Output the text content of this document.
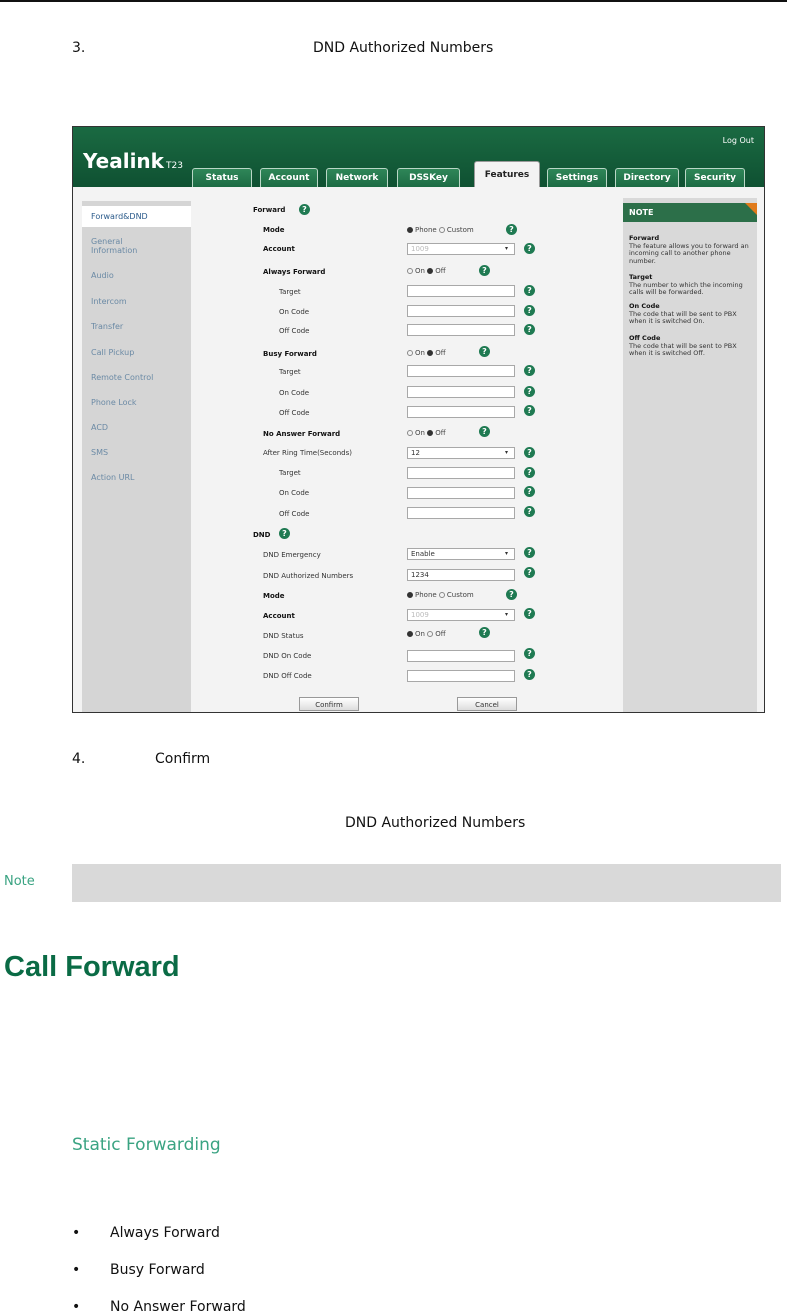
3.	DND Authorized Numbers
Yealink T23
Log Out
Status	Account	Network	DSSKey	Features	Settings	Directory	Security
Forward&DND
General Information
Audio
Intercom
Transfer
Call Pickup
Remote Control
Phone Lock
ACD
SMS
Action URL
Forward	?
Mode	Phone Custom	?
Account	1009	▾	?
Always Forward	On Off	?
Target	?
On Code	?
Off Code	?
Busy Forward	On Off	?
Target	?
On Code	?
Off Code	?
No Answer Forward	On Off	?
After Ring Time(Seconds)	12	▾	?
Target	?
On Code	?
Off Code	?
DND	?
DND Emergency	Enable	▾	?
DND Authorized Numbers	1234	?
Mode	Phone Custom	?
Account	1009	▾	?
DND Status	On Off	?
DND On Code	?
DND Off Code	?
Confirm	Cancel
NOTE
Forward
The feature allows you to forward an incoming call to another phone number.
Target
The number to which the incoming calls will be forwarded.
On Code
The code that will be sent to PBX when it is switched On.
Off Code
The code that will be sent to PBX when it is switched Off.
4.	Confirm
DND Authorized Numbers
Note
Call Forward
Static Forwarding
• Always Forward
• Busy Forward
• No Answer Forward
